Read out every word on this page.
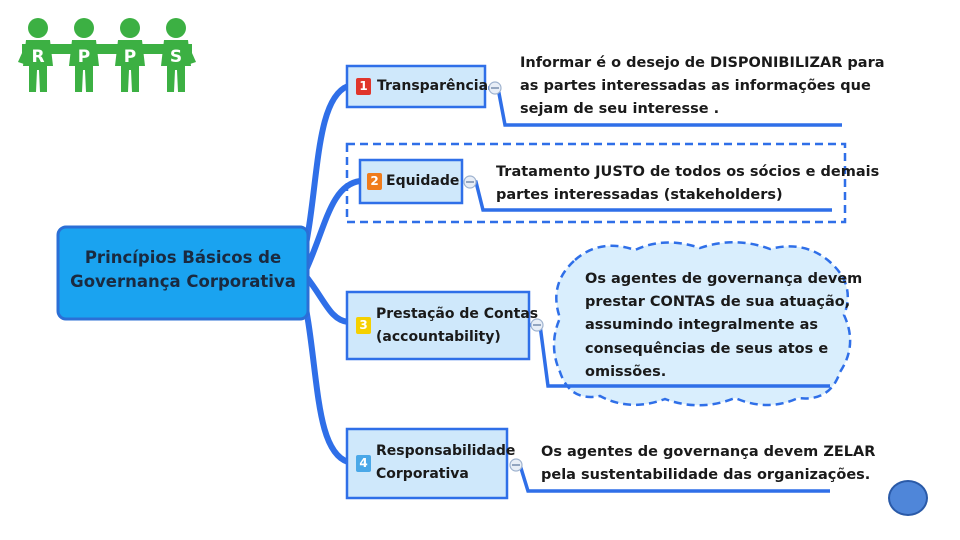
R P P S
Princípios Básicos de
Governança Corporativa
1 Transparência
Informar é o desejo de DISPONIBILIZAR para
as partes interessadas as informações que
sejam de seu interesse .
2 Equidade
Tratamento JUSTO de todos os sócios e demais
partes interessadas (stakeholders)
3
Prestação de Contas
(accountability)
Os agentes de governança devem
prestar CONTAS de sua atuação,
assumindo integralmente as
consequências de seus atos e
omissões.
4
Responsabilidade
Corporativa
Os agentes de governança devem ZELAR
pela sustentabilidade das organizações.
